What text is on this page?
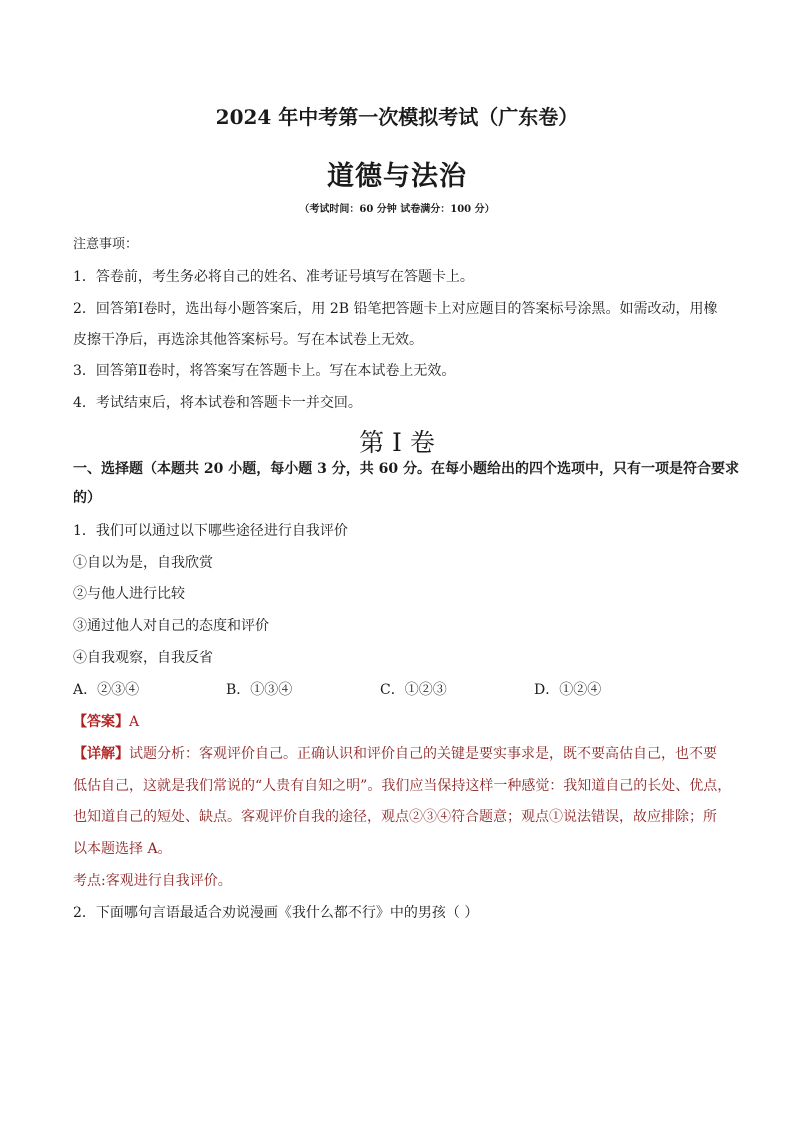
2024 年中考第一次模拟考试（广东卷）
道德与法治
（考试时间：60 分钟 试卷满分：100 分）
注意事项：
1．答卷前，考生务必将自己的姓名、准考证号填写在答题卡上。
2．回答第Ⅰ卷时，选出每小题答案后，用 2B 铅笔把答题卡上对应题目的答案标号涂黑。如需改动，用橡
皮擦干净后，再选涂其他答案标号。写在本试卷上无效。
3．回答第Ⅱ卷时，将答案写在答题卡上。写在本试卷上无效。
4．考试结束后，将本试卷和答题卡一并交回。
第 I 卷
一、选择题（本题共 20 小题，每小题 3 分，共 60 分。在每小题给出的四个选项中，只有一项是符合要求
的）
1．我们可以通过以下哪些途径进行自我评价
①自以为是，自我欣赏
②与他人进行比较
③通过他人对自己的态度和评价
④自我观察，自我反省
A．②③④	B．①③④	C．①②③	D．①②④
【答案】A
【详解】试题分析：客观评价自己。正确认识和评价自己的关键是要实事求是，既不要高估自己，也不要
低估自己，这就是我们常说的“人贵有自知之明”。我们应当保持这样一种感觉：我知道自己的长处、优点，
也知道自己的短处、缺点。客观评价自我的途径，观点②③④符合题意；观点①说法错误，故应排除；所
以本题选择 A。
考点:客观进行自我评价。
2．下面哪句言语最适合劝说漫画《我什么都不行》中的男孩（ ）
